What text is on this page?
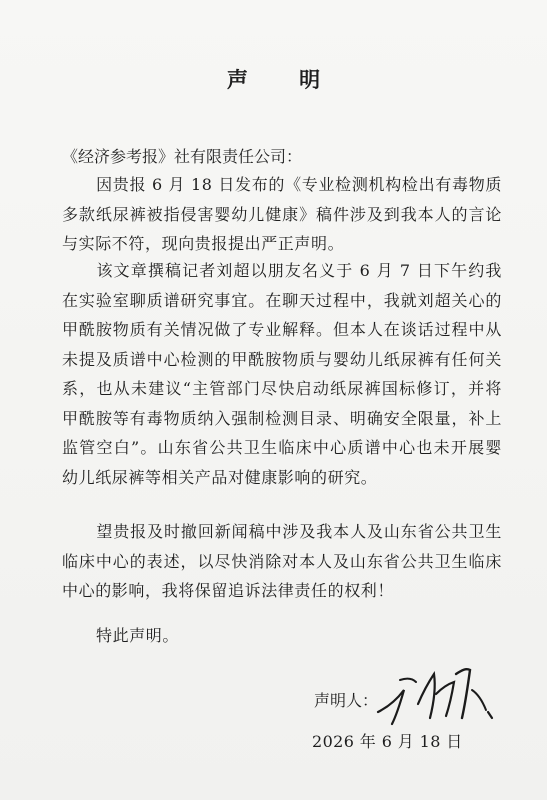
声 明
《经济参考报》社有限责任公司：
因贵报 6 月 18 日发布的《专业检测机构检出有毒物质多款纸尿裤被指侵害婴幼儿健康》稿件涉及到我本人的言论与实际不符，现向贵报提出严正声明。
该文章撰稿记者刘超以朋友名义于 6 月 7 日下午约我在实验室聊质谱研究事宜。在聊天过程中，我就刘超关心的甲酰胺物质有关情况做了专业解释。但本人在谈话过程中从未提及质谱中心检测的甲酰胺物质与婴幼儿纸尿裤有任何关系，也从未建议“主管部门尽快启动纸尿裤国标修订，并将甲酰胺等有毒物质纳入强制检测目录、明确安全限量，补上监管空白”。山东省公共卫生临床中心质谱中心也未开展婴幼儿纸尿裤等相关产品对健康影响的研究。
望贵报及时撤回新闻稿中涉及我本人及山东省公共卫生临床中心的表述，以尽快消除对本人及山东省公共卫生临床中心的影响，我将保留追诉法律责任的权利！
特此声明。
声明人：
2026 年 6 月 18 日
